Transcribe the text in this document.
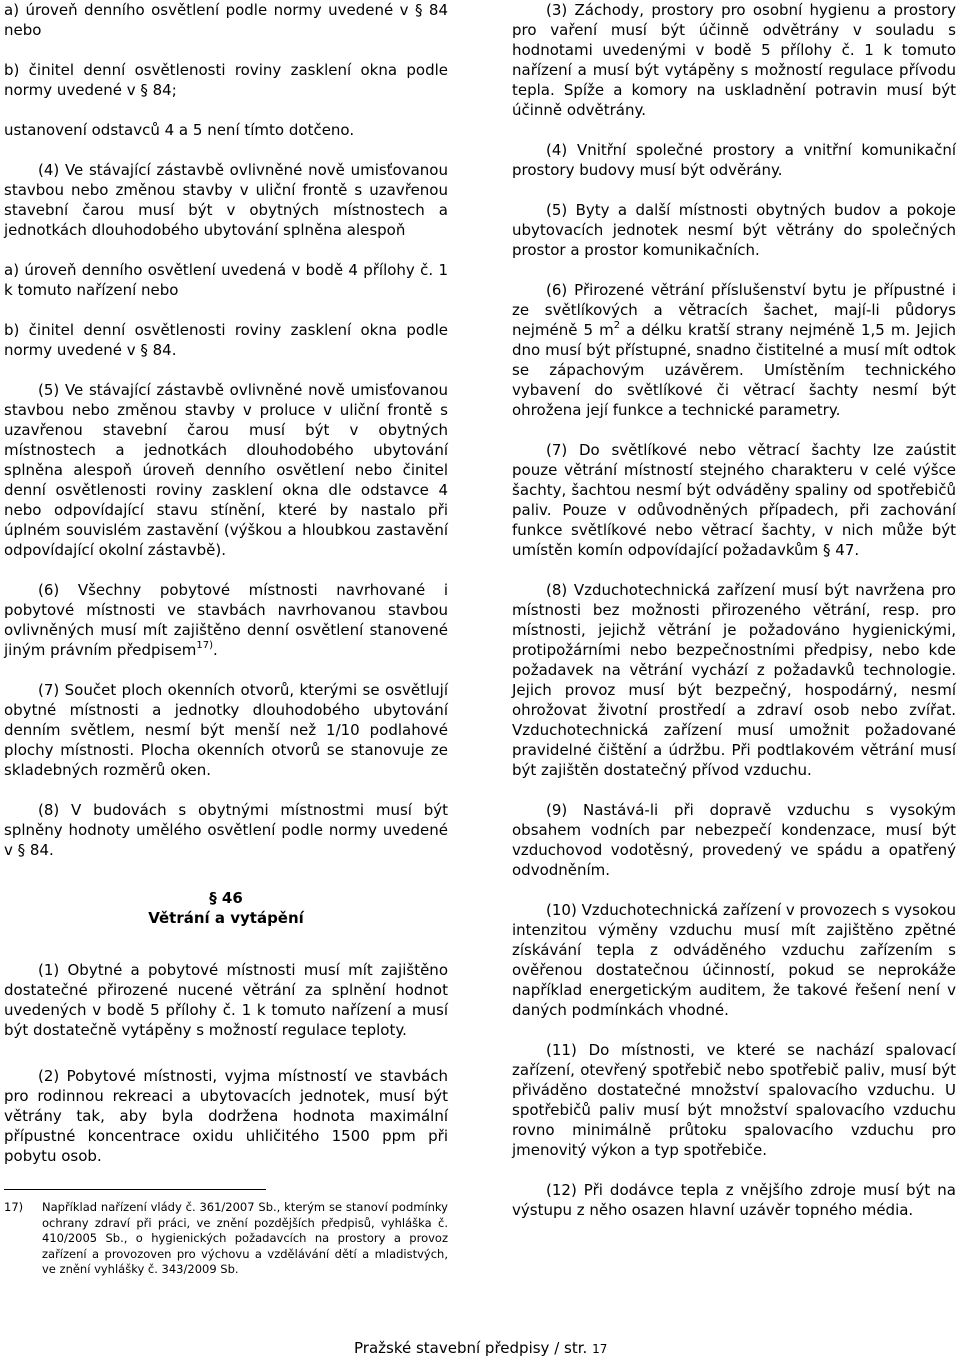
a) úroveň denního osvětlení podle normy uvedené v § 84 nebo

b) činitel denní osvětlenosti roviny zasklení okna podle normy uvedené v § 84;

ustanovení odstavců 4 a 5 není tímto dotčeno.

(4) Ve stávající zástavbě ovlivněné nově umisťovanou stavbou nebo změnou stavby v uliční frontě s uzavřenou stavební čarou musí být v obytných místnostech a jednotkách dlouhodobého ubytování splněna alespoň

a) úroveň denního osvětlení uvedená v bodě 4 přílohy č. 1 k tomuto nařízení nebo

b) činitel denní osvětlenosti roviny zasklení okna podle normy uvedené v § 84.

(5) Ve stávající zástavbě ovlivněné nově umisťovanou stavbou nebo změnou stavby v proluce v uliční frontě s uzavřenou stavební čarou musí být v obytných místnostech a jednotkách dlouhodobého ubytování splněna alespoň úroveň denního osvětlení nebo činitel denní osvětlenosti roviny zasklení okna dle odstavce 4 nebo odpovídající stavu stínění, které by nastalo při úplném souvislém zastavění (výškou a hloubkou zastavění odpovídající okolní zástavbě).

(6) Všechny pobytové místnosti navrhované i pobytové místnosti ve stavbách navrhovanou stavbou ovlivněných musí mít zajištěno denní osvětlení stanovené jiným právním předpisem$^{17)}$.

(7) Součet ploch okenních otvorů, kterými se osvětlují obytné místnosti a jednotky dlouhodobého ubytování denním světlem, nesmí být menší než 1/10 podlahové plochy místnosti. Plocha okenních otvorů se stanovuje ze skladebných rozměrů oken.

(8) V budovách s obytnými místnostmi musí být splněny hodnoty umělého osvětlení podle normy uvedené v § 84.

§ 46
Větrání a vytápění

(1) Obytné a pobytové místnosti musí mít zajištěno dostatečné přirozené nucené větrání za splnění hodnot uvedených v bodě 5 přílohy č. 1 k tomuto nařízení a musí být dostatečně vytápěny s možností regulace teploty.

(2) Pobytové místnosti, vyjma místností ve stavbách pro rodinnou rekreaci a ubytovacích jednotek, musí být větrány tak, aby byla dodržena hodnota maximální přípustné koncentrace oxidu uhličitého 1500 ppm při pobytu osob.

17)	Například nařízení vlády č. 361/2007 Sb., kterým se stanoví podmínky ochrany zdraví při práci, ve znění pozdějších předpisů, vyhláška č. 410/2005 Sb., o hygienických požadavcích na prostory a provoz zařízení a provozoven pro výchovu a vzdělávání dětí a mladistvých, ve znění vyhlášky č. 343/2009 Sb.

(3) Záchody, prostory pro osobní hygienu a prostory pro vaření musí být účinně odvětrány v souladu s hodnotami uvedenými v bodě 5 přílohy č. 1 k tomuto nařízení a musí být vytápěny s možností regulace přívodu tepla. Spíže a komory na uskladnění potravin musí být účinně odvětrány.

(4) Vnitřní společné prostory a vnitřní komunikační prostory budovy musí být odvěrány.

(5) Byty a další místnosti obytných budov a pokoje ubytovacích jednotek nesmí být větrány do společných prostor a prostor komunikačních.

(6) Přirozené větrání příslušenství bytu je přípustné i ze světlíkových a větracích šachet, mají-li půdorys nejméně 5 $m^2$ a délku kratší strany nejméně 1,5 m. Jejich dno musí být přístupné, snadno čistitelné a musí mít odtok se zápachovým uzávěrem. Umístěním technického vybavení do světlíkové či větrací šachty nesmí být ohrožena její funkce a technické parametry.

(7) Do světlíkové nebo větrací šachty lze zaústit pouze větrání místností stejného charakteru v celé výšce šachty, šachtou nesmí být odváděny spaliny od spotřebičů paliv. Pouze v odůvodněných případech, při zachování funkce světlíkové nebo větrací šachty, v nich může být umístěn komín odpovídající požadavkům § 47.

(8) Vzduchotechnická zařízení musí být navržena pro místnosti bez možnosti přirozeného větrání, resp. pro místnosti, jejichž větrání je požadováno hygienickými, protipožárními nebo bezpečnostními předpisy, nebo kde požadavek na větrání vychází z požadavků technologie. Jejich provoz musí být bezpečný, hospodárný, nesmí ohrožovat životní prostředí a zdraví osob nebo zvířat. Vzduchotechnická zařízení musí umožnit požadované pravidelné čištění a údržbu. Při podtlakovém větrání musí být zajištěn dostatečný přívod vzduchu.

(9) Nastává-li při dopravě vzduchu s vysokým obsahem vodních par nebezpečí kondenzace, musí být vzduchovod vodotěsný, provedený ve spádu a opatřený odvodněním.

(10) Vzduchotechnická zařízení v provozech s vysokou intenzitou výměny vzduchu musí mít zajištěno zpětné získávání tepla z odváděného vzduchu zařízením s ověřenou dostatečnou účinností, pokud se neprokáže například energetickým auditem, že takové řešení není v daných podmínkách vhodné.

(11) Do místnosti, ve které se nachází spalovací zařízení, otevřený spotřebič nebo spotřebič paliv, musí být přiváděno dostatečné množství spalovacího vzduchu. U spotřebičů paliv musí být množství spalovacího vzduchu rovno minimálně průtoku spalovacího vzduchu pro jmenovitý výkon a typ spotřebiče.

(12) Při dodávce tepla z vnějšího zdroje musí být na výstupu z něho osazen hlavní uzávěr topného média.

Pražské stavební předpisy / str. 17
